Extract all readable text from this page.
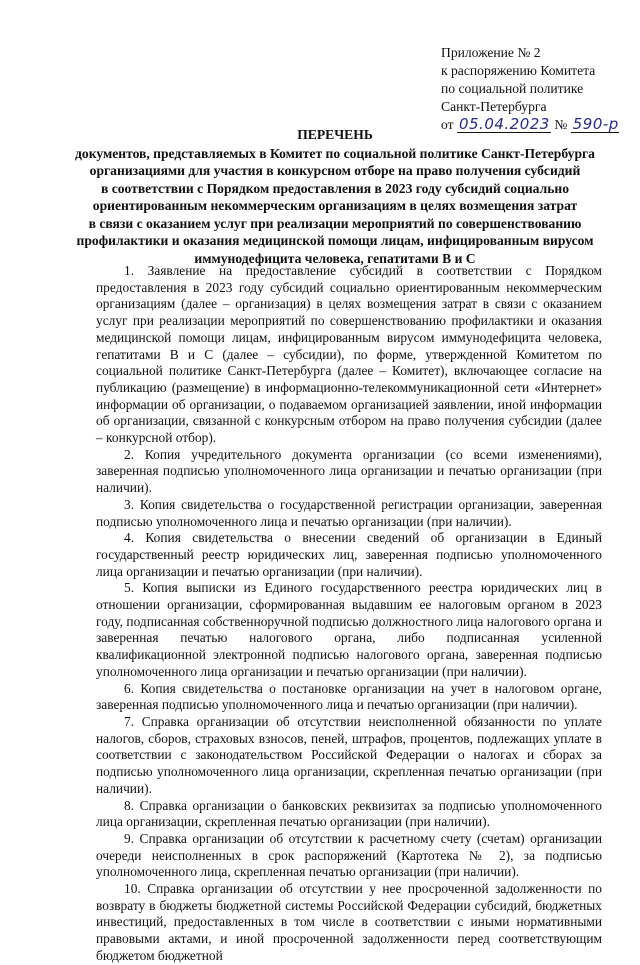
Приложение № 2
к распоряжению Комитета
по социальной политике
Санкт-Петербурга
от 05.04.2023 № 590-р
ПЕРЕЧЕНЬ
документов, представляемых в Комитет по социальной политике Санкт-Петербурга
организациями для участия в конкурсном отборе на право получения субсидий
в соответствии с Порядком предоставления в 2023 году субсидий социально
ориентированным некоммерческим организациям в целях возмещения затрат
в связи с оказанием услуг при реализации мероприятий по совершенствованию
профилактики и оказания медицинской помощи лицам, инфицированным вирусом
иммунодефицита человека, гепатитами В и С

1. Заявление на предоставление субсидий в соответствии с Порядком предоставления в 2023 году субсидий социально ориентированным некоммерческим организациям (далее – организация) в целях возмещения затрат в связи с оказанием услуг при реализации мероприятий по совершенствованию профилактики и оказания медицинской помощи лицам, инфицированным вирусом иммунодефицита человека, гепатитами В и С (далее – субсидии), по форме, утвержденной Комитетом по социальной политике Санкт-Петербурга (далее – Комитет), включающее согласие на публикацию (размещение) в информационно-телекоммуникационной сети «Интернет» информации об организации, о подаваемом организацией заявлении, иной информации об организации, связанной с конкурсным отбором на право получения субсидии (далее – конкурсной отбор).

2. Копия учредительного документа организации (со всеми изменениями), заверенная подписью уполномоченного лица организации и печатью организации (при наличии).

3. Копия свидетельства о государственной регистрации организации, заверенная подписью уполномоченного лица и печатью организации (при наличии).

4. Копия свидетельства о внесении сведений об организации в Единый государственный реестр юридических лиц, заверенная подписью уполномоченного лица организации и печатью организации (при наличии).

5. Копия выписки из Единого государственного реестра юридических лиц в отношении организации, сформированная выдавшим ее налоговым органом в 2023 году, подписанная собственноручной подписью должностного лица налогового органа и заверенная печатью налогового органа, либо подписанная усиленной квалификационной электронной подписью налогового органа, заверенная подписью уполномоченного лица организации и печатью организации (при наличии).

6. Копия свидетельства о постановке организации на учет в налоговом органе, заверенная подписью уполномоченного лица и печатью организации (при наличии).

7. Справка организации об отсутствии неисполненной обязанности по уплате налогов, сборов, страховых взносов, пеней, штрафов, процентов, подлежащих уплате в соответствии с законодательством Российской Федерации о налогах и сборах за подписью уполномоченного лица организации, скрепленная печатью организации (при наличии).

8. Справка организации о банковских реквизитах за подписью уполномоченного лица организации, скрепленная печатью организации (при наличии).

9. Справка организации об отсутствии к расчетному счету (счетам) организации очереди неисполненных в срок распоряжений (Картотека № 2), за подписью уполномоченного лица, скрепленная печатью организации (при наличии).

10. Справка организации об отсутствии у нее просроченной задолженности по возврату в бюджеты бюджетной системы Российской Федерации субсидий, бюджетных инвестиций, предоставленных в том числе в соответствии с иными нормативными правовыми актами, и иной просроченной задолженности перед соответствующим бюджетом бюджетной
